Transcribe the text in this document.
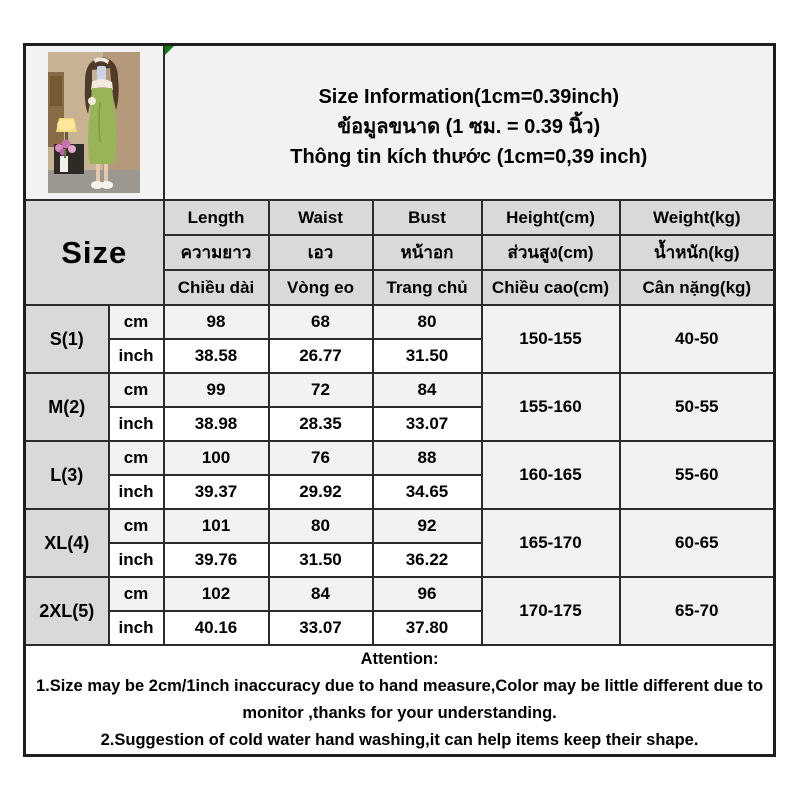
Size Information(1cm=0.39inch)
ข้อมูลขนาด (1 ซม. = 0.39 นิ้ว)
Thông tin kích thước (1cm=0,39 inch)				

Size		Length	Waist	Bust	Height(cm)	Weight(kg)
		ความยาว	เอว	หน้าอก	ส่วนสูง(cm)	น้ำหนัก(kg)
		Chiều dài	Vòng eo	Trang chủ	Chiều cao(cm)	Cân nặng(kg)
S(1)	cm	98	68	80	150-155	40-50
	inch	38.58	26.77	31.50		
M(2)	cm	99	72	84	155-160	50-55
	inch	38.98	28.35	33.07		
L(3)	cm	100	76	88	160-165	55-60
	inch	39.37	29.92	34.65		
XL(4)	cm	101	80	92	165-170	60-65
	inch	39.76	31.50	36.22		
2XL(5)	cm	102	84	96	170-175	65-70
	inch	40.16	33.07	37.80		

Attention:
1.Size may be 2cm/1inch inaccuracy due to hand measure,Color may be little different due to monitor ,thanks for your understanding.
2.Suggestion of cold water hand washing,it can help items keep their shape.						
